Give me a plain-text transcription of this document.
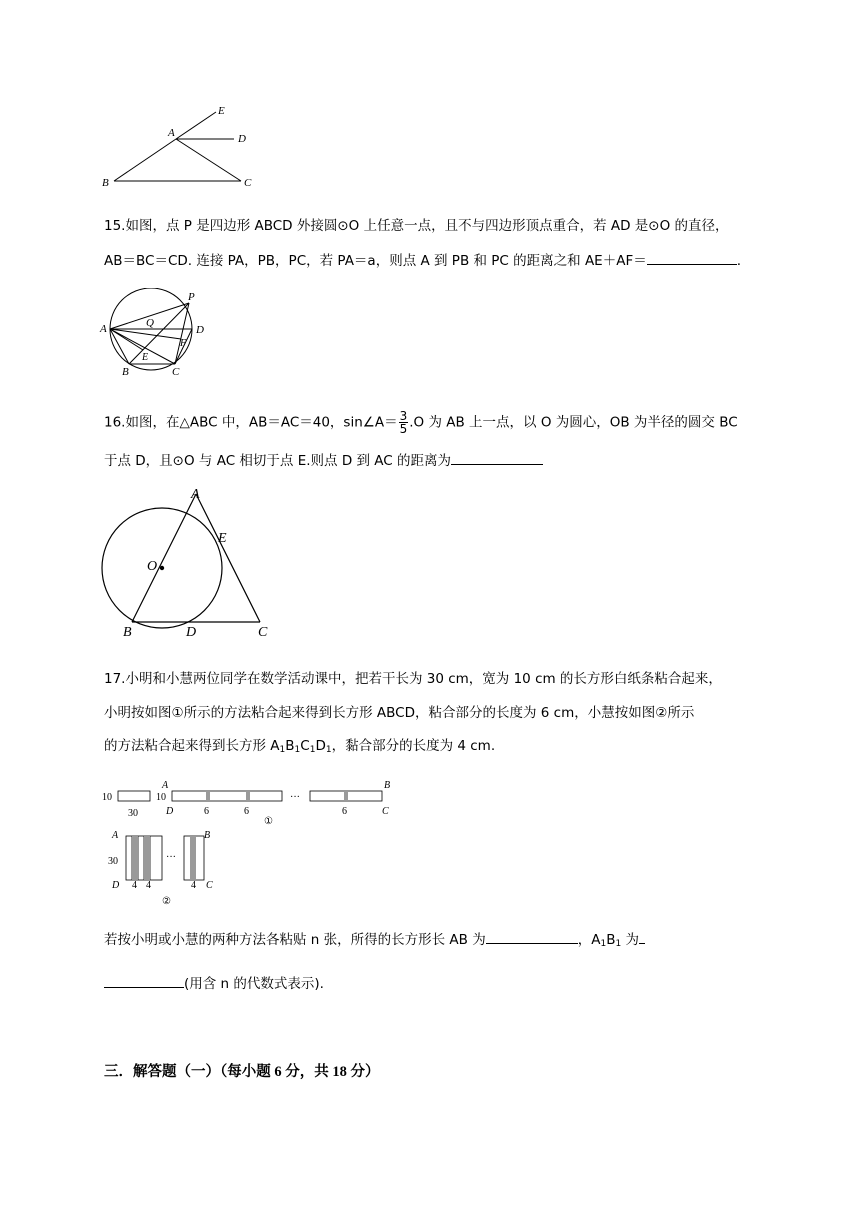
A
E
D
B	C
15.如图，点 P 是四边形 ABCD 外接圆⊙O 上任意一点，且不与四边形顶点重合，若 AD 是⊙O 的直径，
AB＝BC＝CD. 连接 PA，PB，PC，若 PA＝a，则点 A 到 PB 和 PC 的距离之和 AE＋AF＝	.
A
P
Q
D
F
E
B	C
16.如图，在△ABC 中，AB＝AC＝40，sin∠A＝ $\frac{3}{5} .O$ 为 AB 上一点，以 O 为圆心，OB 为半径的圆交 BC
于点 D，且⊙O 与 AC 相切于点 E.则点 D 到 AC 的距离为
A
E
O
B	D	C
17.小明和小慧两位同学在数学活动课中，把若干长为 30 cm，宽为 10 cm 的长方形白纸条粘合起来，
小明按如图①所示的方法粘合起来得到长方形 ABCD，粘合部分的长度为 6 cm，小慧按如图②所示
的方法粘合起来得到长方形 $A_1B_1C_1D_1$，黏合部分的长度为 4 cm.
10
30
A
10
D	6	6
···
6
B
C
①
A	B
30
D	C
4 4	4
···
②
若按小明或小慧的两种方法各粘贴 n 张，所得的长方形长 AB 为	，$A_1B_1$ 为
(用含 n 的代数式表示).
三．解答题（一）（每小题 6 分，共 18 分）
